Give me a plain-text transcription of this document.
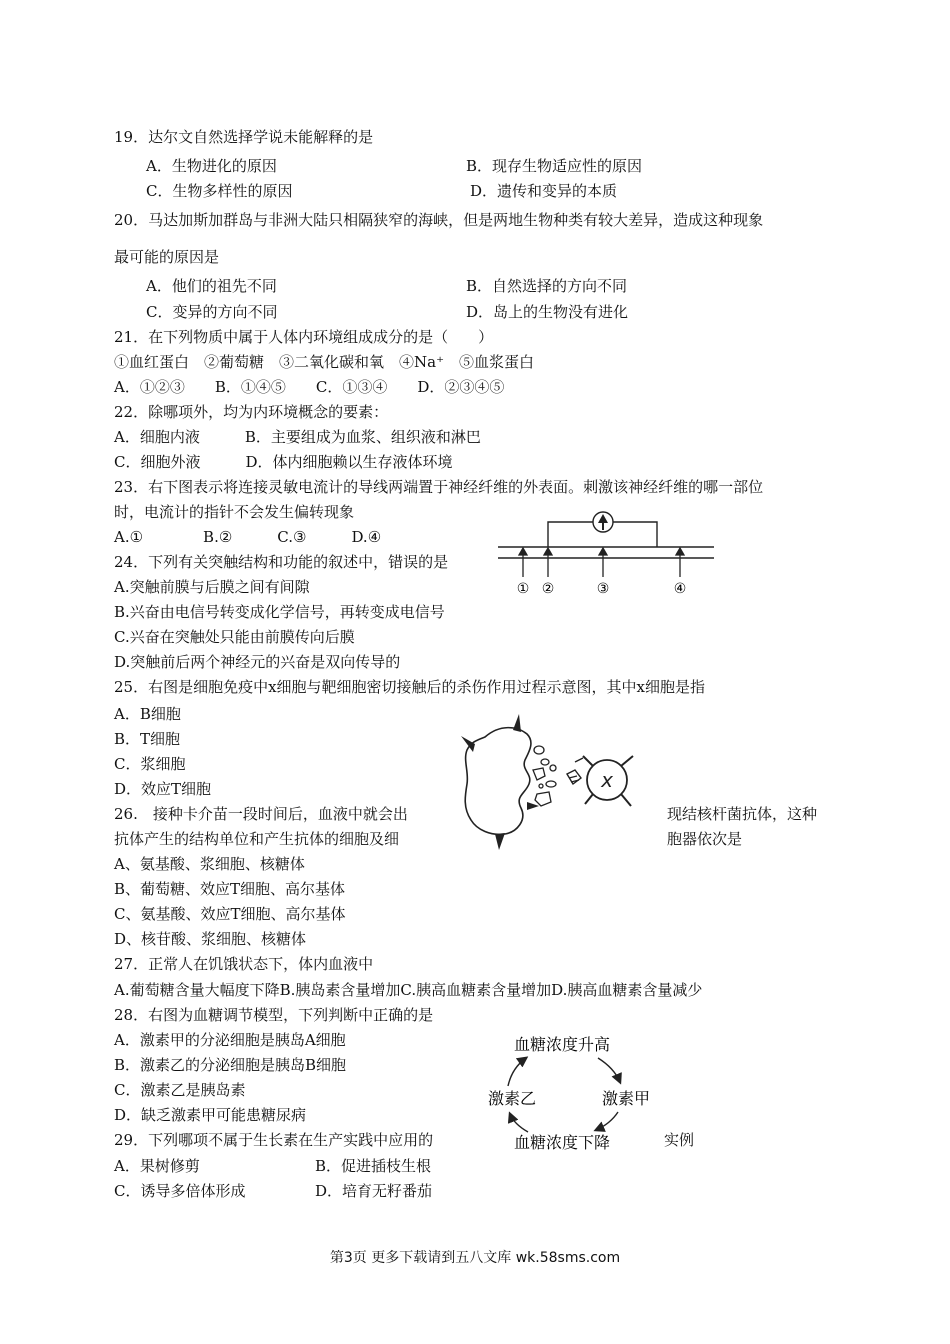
19．达尔文自然选择学说未能解释的是
A．生物进化的原因	B．现存生物适应性的原因
C．生物多样性的原因	D．遗传和变异的本质
20．马达加斯加群岛与非洲大陆只相隔狭窄的海峡，但是两地生物种类有较大差异，造成这种现象
最可能的原因是
A．他们的祖先不同	B．自然选择的方向不同
C．变异的方向不同	D．岛上的生物没有进化
21．在下列物质中属于人体内环境组成成分的是（　　）
①血红蛋白　②葡萄糖　③二氧化碳和氧　④Na⁺　⑤血浆蛋白
A．①②③　　B．①④⑤　　C．①③④　　D．②③④⑤
22．除哪项外，均为内环境概念的要素：
A．细胞内液　　　B．主要组成为血浆、组织液和淋巴
C．细胞外液　　　D．体内细胞赖以生存液体环境
23．右下图表示将连接灵敏电流计的导线两端置于神经纤维的外表面。刺激该神经纤维的哪一部位
时，电流计的指针不会发生偏转现象
A.①　　　　B.②　　　C.③　　　D.④
① ②	③	④
24．下列有关突触结构和功能的叙述中，错误的是
A.突触前膜与后膜之间有间隙
B.兴奋由电信号转变成化学信号，再转变成电信号
C.兴奋在突触处只能由前膜传向后膜
D.突触前后两个神经元的兴奋是双向传导的
25．右图是细胞免疫中x细胞与靶细胞密切接触后的杀伤作用过程示意图，其中x细胞是指
A．B细胞
B．T细胞
C．浆细胞
D．效应T细胞	x
26.　接种卡介苗一段时间后，血液中就会出	现结核杆菌抗体，这种
抗体产生的结构单位和产生抗体的细胞及细	胞器依次是
A、氨基酸、浆细胞、核糖体
B、葡萄糖、效应T细胞、高尔基体
C、氨基酸、效应T细胞、高尔基体
D、核苷酸、浆细胞、核糖体
27．正常人在饥饿状态下，体内血液中
A.葡萄糖含量大幅度下降B.胰岛素含量增加C.胰高血糖素含量增加D.胰高血糖素含量减少
28．右图为血糖调节模型，下列判断中正确的是
A．激素甲的分泌细胞是胰岛A细胞
B．激素乙的分泌细胞是胰岛B细胞
C．激素乙是胰岛素
D．缺乏激素甲可能患糖尿病
血糖浓度升高
激素甲
血糖浓度下降
激素乙
29．下列哪项不属于生长素在生产实践中应用的	实例
A．果树修剪	B．促进插枝生根
C．诱导多倍体形成	D．培育无籽番茄
第3页 更多下载请到五八文库 wk.58sms.com
